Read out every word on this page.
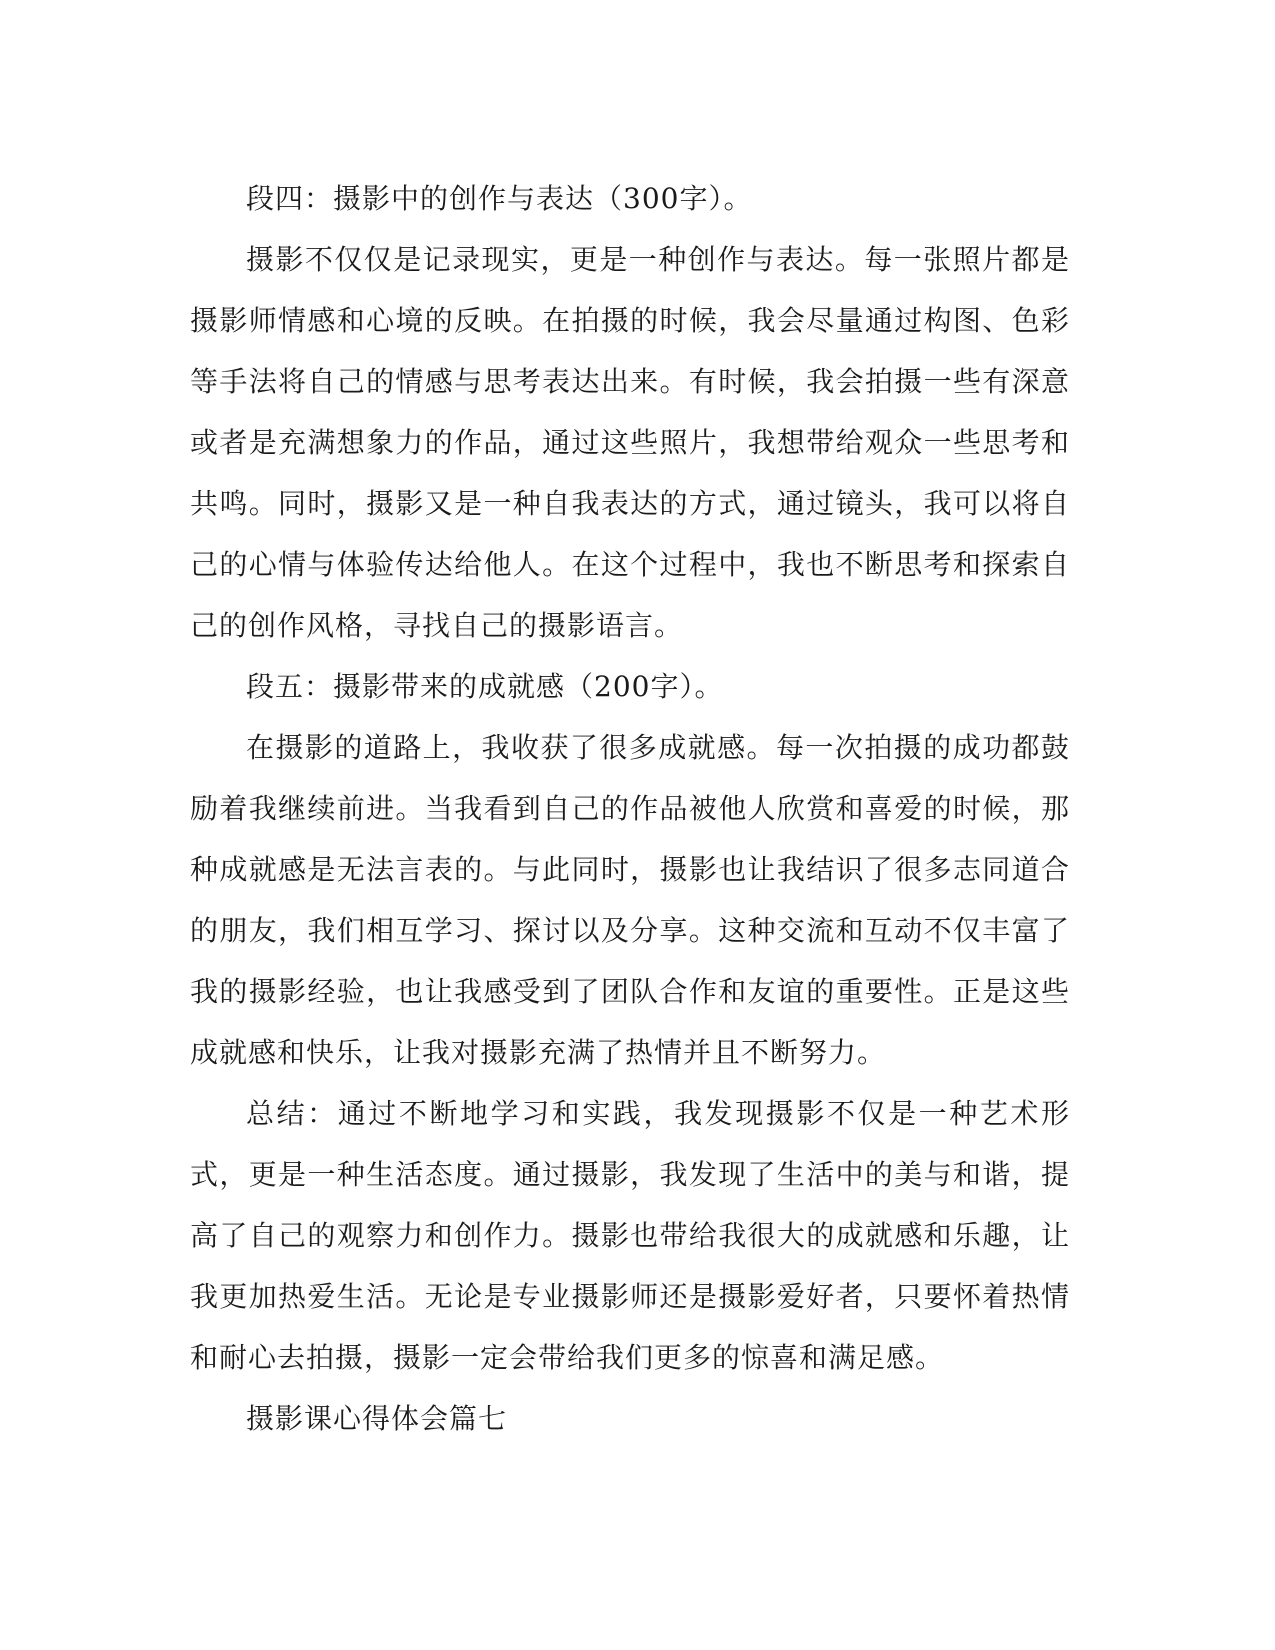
段四：摄影中的创作与表达（300字）。

摄影不仅仅是记录现实，更是一种创作与表达。每一张照片都是摄影师情感和心境的反映。在拍摄的时候，我会尽量通过构图、色彩等手法将自己的情感与思考表达出来。有时候，我会拍摄一些有深意或者是充满想象力的作品，通过这些照片，我想带给观众一些思考和共鸣。同时，摄影又是一种自我表达的方式，通过镜头，我可以将自己的心情与体验传达给他人。在这个过程中，我也不断思考和探索自己的创作风格，寻找自己的摄影语言。

段五：摄影带来的成就感（200字）。

在摄影的道路上，我收获了很多成就感。每一次拍摄的成功都鼓励着我继续前进。当我看到自己的作品被他人欣赏和喜爱的时候，那种成就感是无法言表的。与此同时，摄影也让我结识了很多志同道合的朋友，我们相互学习、探讨以及分享。这种交流和互动不仅丰富了我的摄影经验，也让我感受到了团队合作和友谊的重要性。正是这些成就感和快乐，让我对摄影充满了热情并且不断努力。

总结：通过不断地学习和实践，我发现摄影不仅是一种艺术形式，更是一种生活态度。通过摄影，我发现了生活中的美与和谐，提高了自己的观察力和创作力。摄影也带给我很大的成就感和乐趣，让我更加热爱生活。无论是专业摄影师还是摄影爱好者，只要怀着热情和耐心去拍摄，摄影一定会带给我们更多的惊喜和满足感。

摄影课心得体会篇七
